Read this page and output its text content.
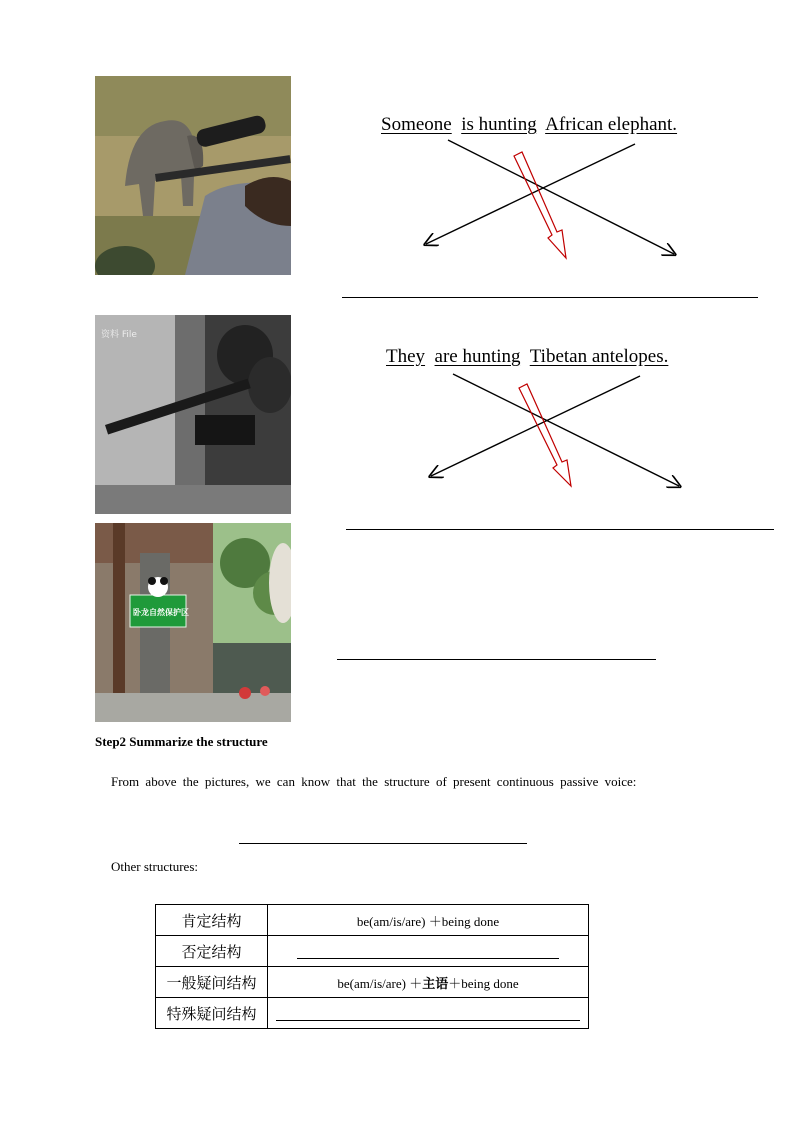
Someone is hunting African elephant.
资料 File
They are hunting Tibetan antelopes.
卧龙自然保护区
Step2 Summarize the structure
From above the pictures, we can know that the structure of present continuous passive voice:
Other structures:
肯定结构	be(am/is/are) ＋being done
否定结构	
一般疑问结构	be(am/is/are) ＋主语＋being done
特殊疑问结构	
